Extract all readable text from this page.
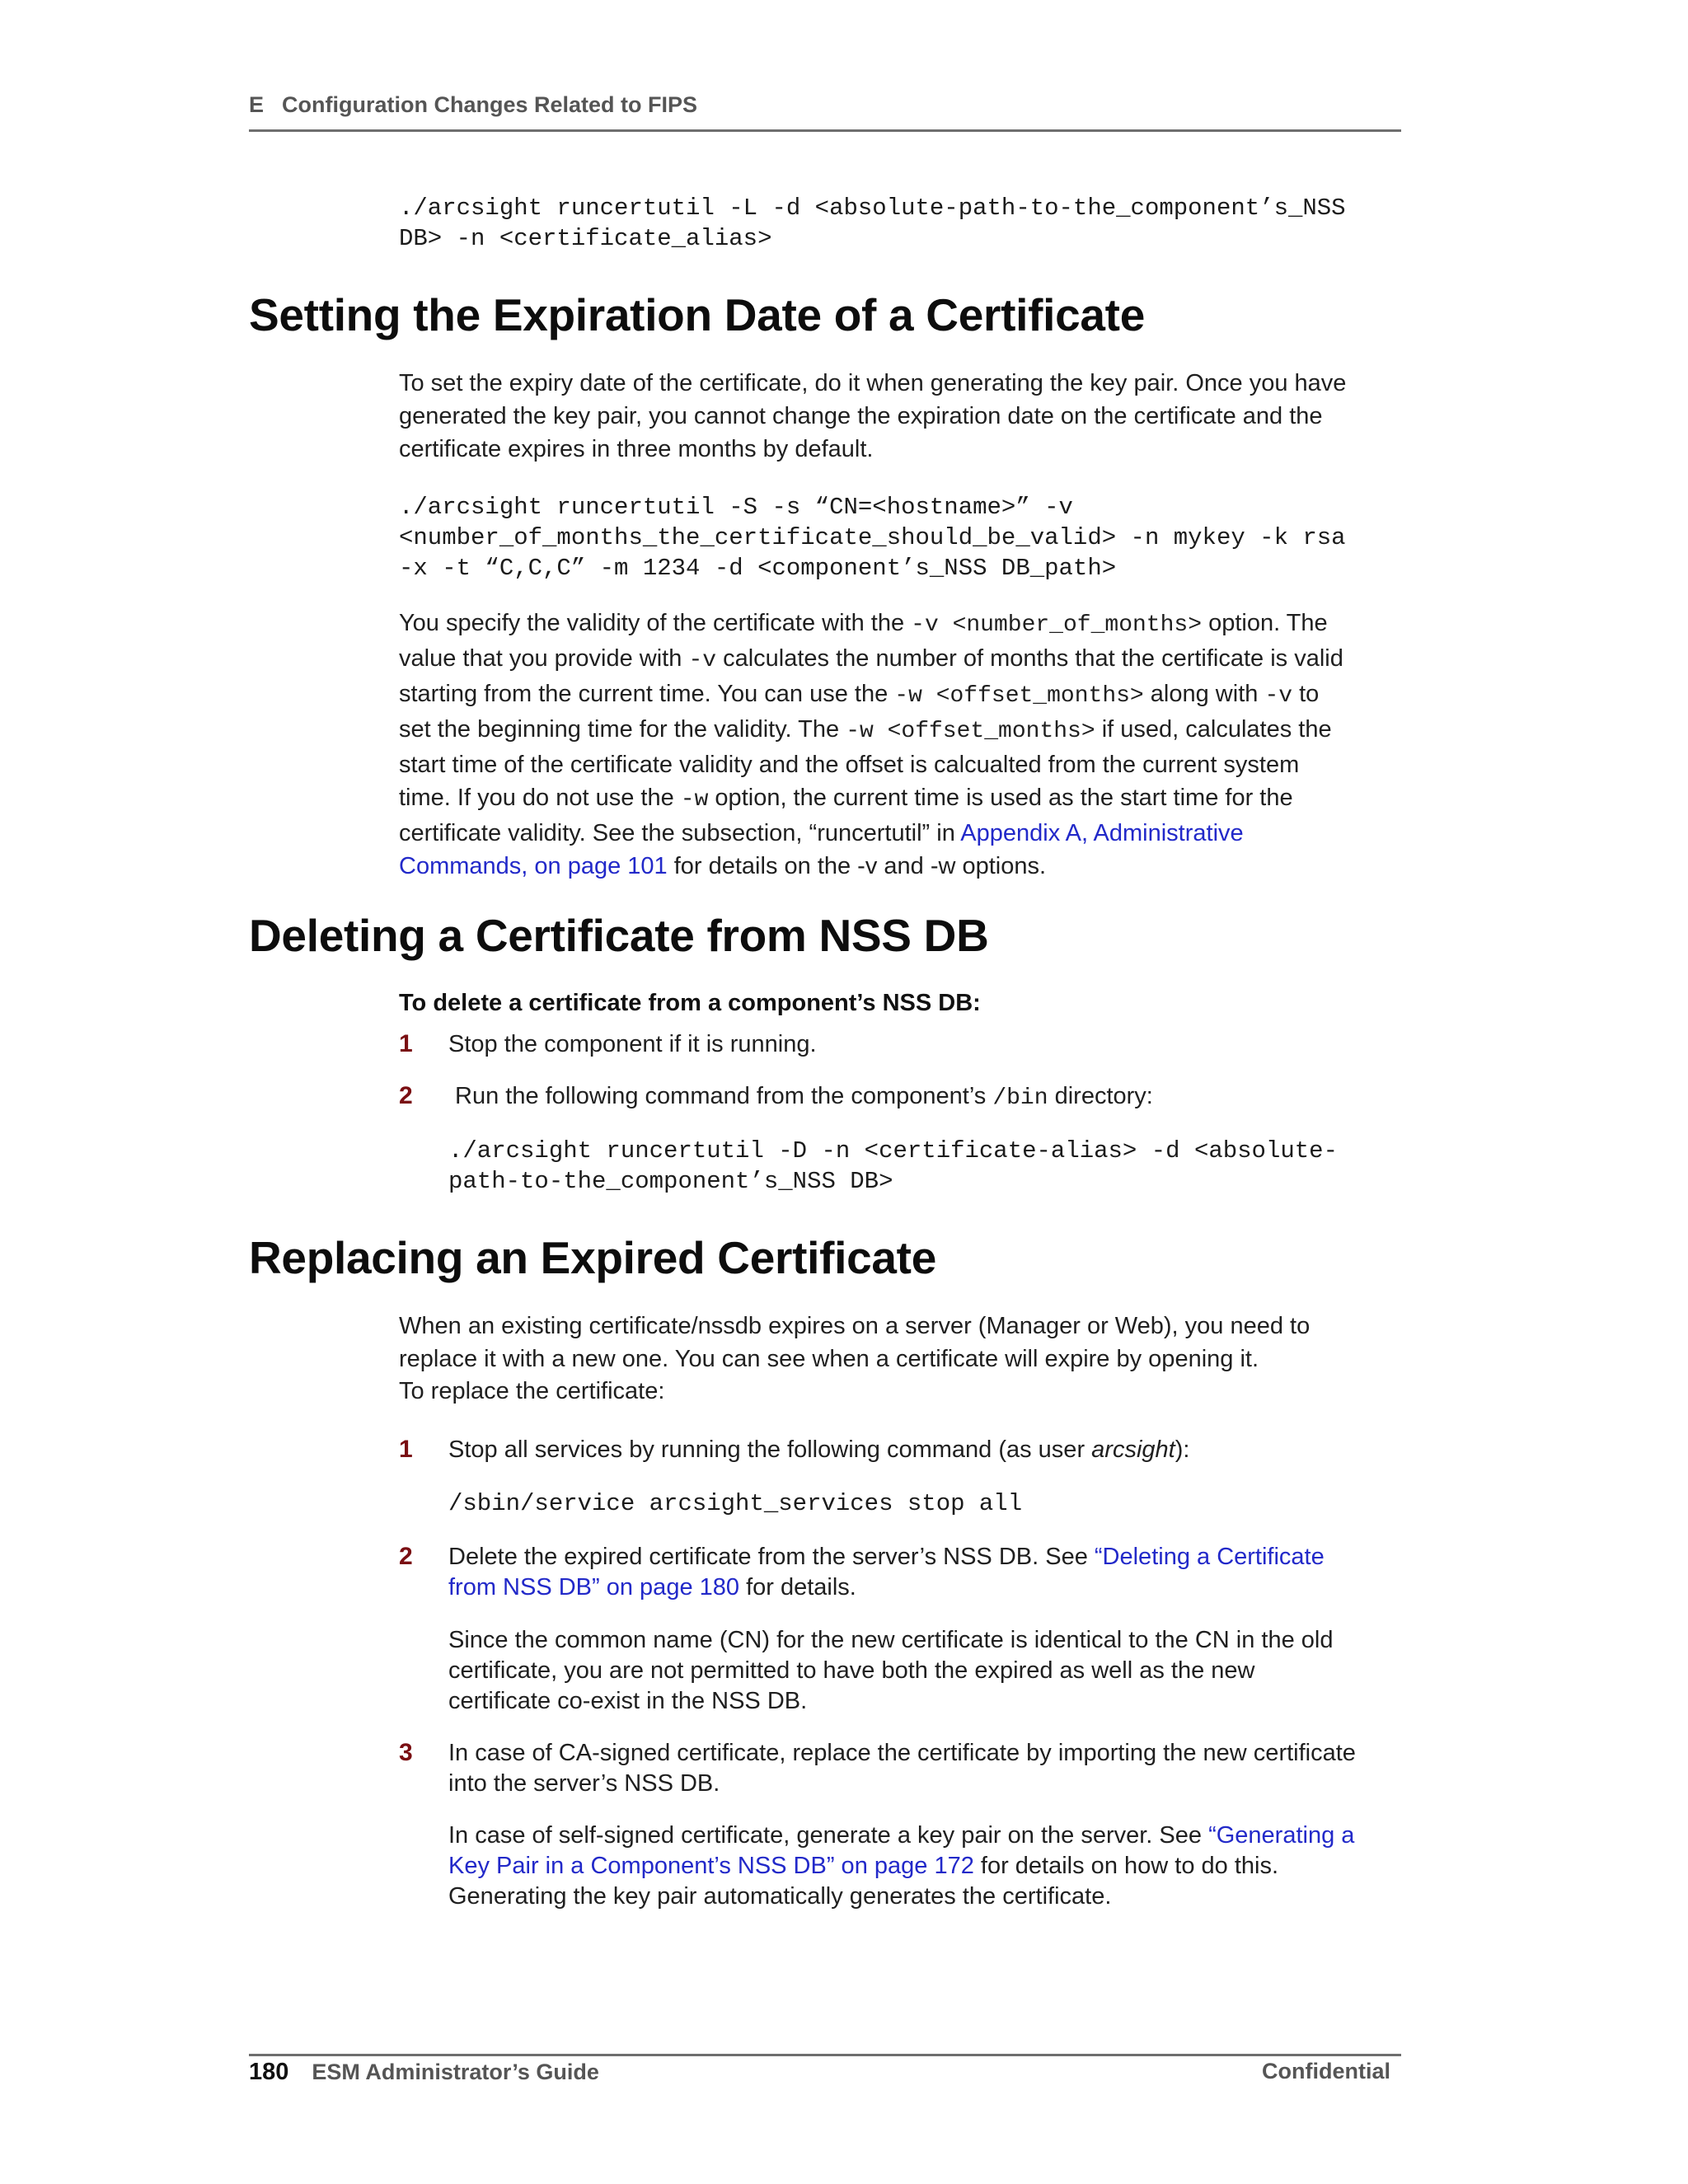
E Configuration Changes Related to FIPS
./arcsight runcertutil -L -d <absolute-path-to-the_component’s_NSS
DB> -n <certificate_alias>
Setting the Expiration Date of a Certificate
To set the expiry date of the certificate, do it when generating the key pair. Once you have
generated the key pair, you cannot change the expiration date on the certificate and the
certificate expires in three months by default.
./arcsight runcertutil -S -s “CN=<hostname>” -v
<number_of_months_the_certificate_should_be_valid> -n mykey -k rsa
-x -t “C,C,C” -m 1234 -d <component’s_NSS DB_path>
You specify the validity of the certificate with the -v <number_of_months> option. The
value that you provide with -v calculates the number of months that the certificate is valid
starting from the current time. You can use the -w <offset_months> along with -v to
set the beginning time for the validity. The -w <offset_months> if used, calculates the
start time of the certificate validity and the offset is calcualted from the current system
time. If you do not use the -w option, the current time is used as the start time for the
certificate validity. See the subsection, “runcertutil” in Appendix A, Administrative
Commands, on page 101 for details on the -v and -w options.
Deleting a Certificate from NSS DB
To delete a certificate from a component’s NSS DB:
1 Stop the component if it is running.
2 Run the following command from the component’s /bin directory:
./arcsight runcertutil -D -n <certificate-alias> -d <absolute-
path-to-the_component’s_NSS DB>
Replacing an Expired Certificate
When an existing certificate/nssdb expires on a server (Manager or Web), you need to
replace it with a new one. You can see when a certificate will expire by opening it.
To replace the certificate:
1 Stop all services by running the following command (as user arcsight):
/sbin/service arcsight_services stop all
2 Delete the expired certificate from the server’s NSS DB. See “Deleting a Certificate
from NSS DB” on page 180 for details.
Since the common name (CN) for the new certificate is identical to the CN in the old
certificate, you are not permitted to have both the expired as well as the new
certificate co-exist in the NSS DB.
3 In case of CA-signed certificate, replace the certificate by importing the new certificate
into the server’s NSS DB.
In case of self-signed certificate, generate a key pair on the server. See “Generating a
Key Pair in a Component’s NSS DB” on page 172 for details on how to do this.
Generating the key pair automatically generates the certificate.
180 ESM Administrator’s Guide	Confidential
